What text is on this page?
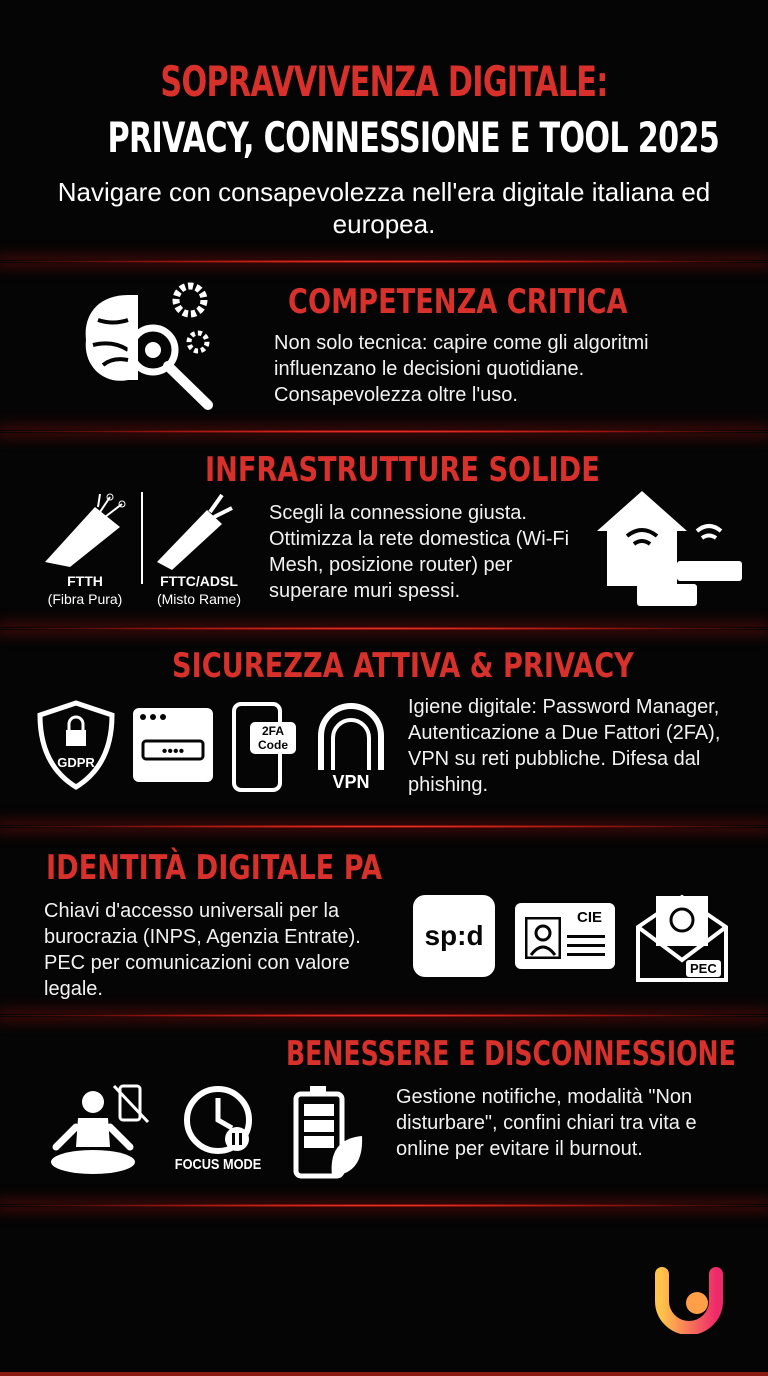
SOPRAVVIVENZA DIGITALE:
PRIVACY, CONNESSIONE E TOOL 2025
Navigare con consapevolezza nell'era digitale italiana ed europea.
COMPETENZA CRITICA
Non solo tecnica: capire come gli algoritmi influenzano le decisioni quotidiane. Consapevolezza oltre l'uso.
INFRASTRUTTURE SOLIDE
FTTH
(Fibra Pura)
FTTC/ADSL
(Misto Rame)
Scegli la connessione giusta. Ottimizza la rete domestica (Wi-Fi Mesh, posizione router) per superare muri spessi.
SICUREZZA ATTIVA & PRIVACY
GDPR
••••
2FA Code
VPN
Igiene digitale: Password Manager, Autenticazione a Due Fattori (2FA), VPN su reti pubbliche. Difesa dal phishing.
IDENTITÀ DIGITALE PA
Chiavi d'accesso universali per la burocrazia (INPS, Agenzia Entrate). PEC per comunicazioni con valore legale.
sp:d
CIE
PEC
BENESSERE E DISCONNESSIONE
FOCUS MODE
Gestione notifiche, modalità "Non disturbare", confini chiari tra vita e online per evitare il burnout.
